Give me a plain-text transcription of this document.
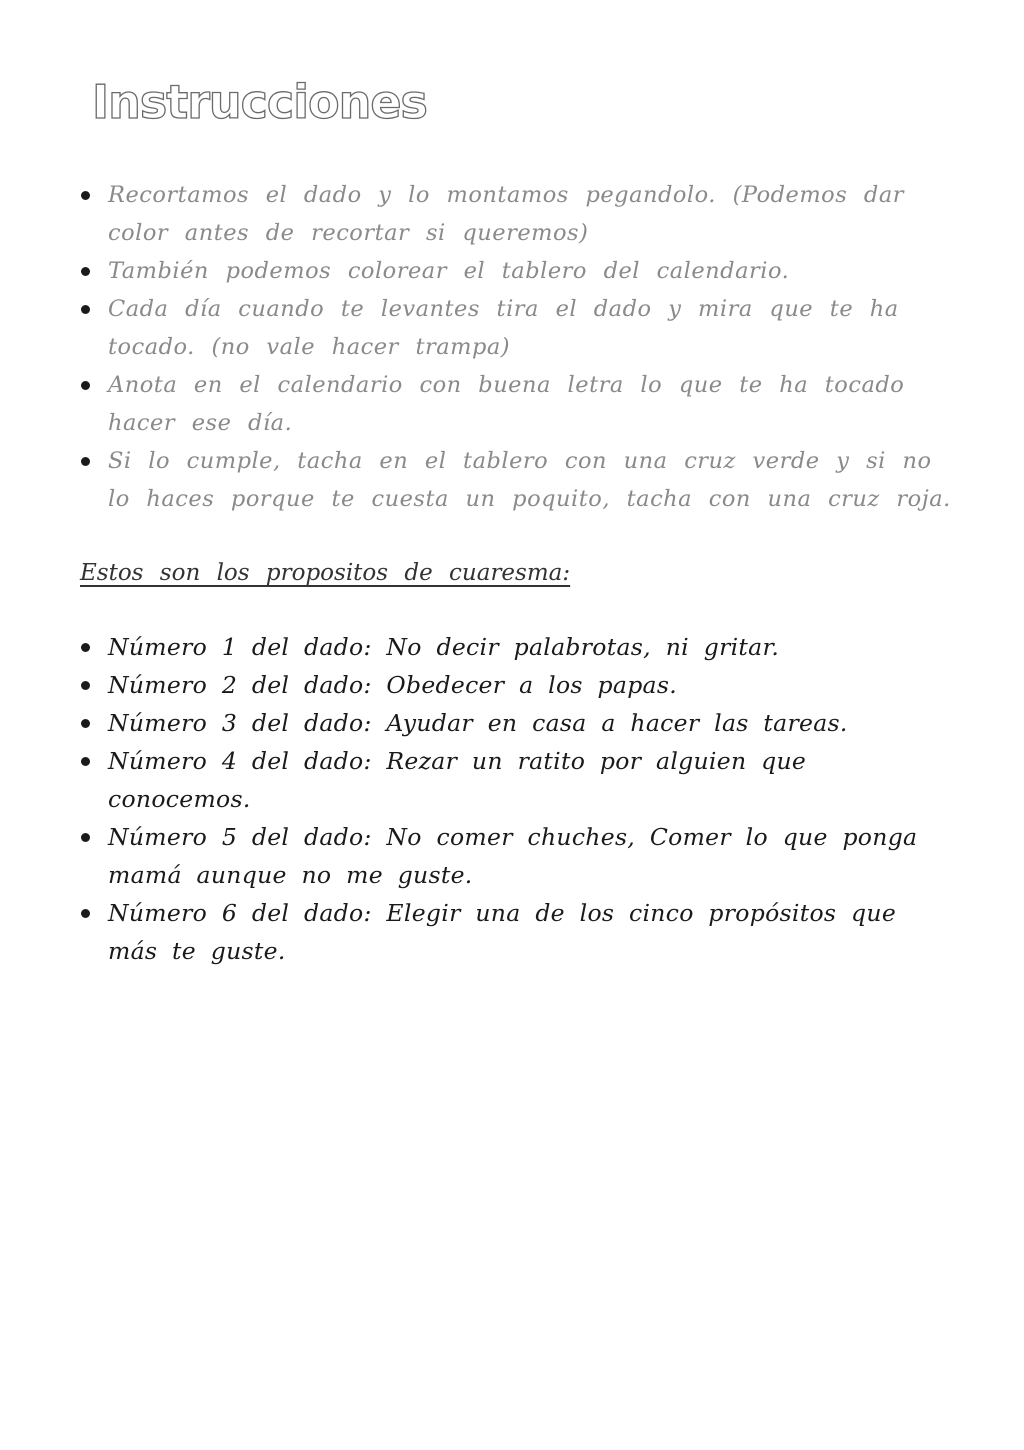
Instrucciones
Recortamos el dado y lo montamos pegandolo. (Podemos dar color antes de recortar si queremos)
También podemos colorear el tablero del calendario.
Cada día cuando te levantes tira el dado y mira que te ha tocado. (no vale hacer trampa)
Anota en el calendario con buena letra lo que te ha tocado hacer ese día.
Si lo cumple, tacha en el tablero con una cruz verde y si no lo haces porque te cuesta un poquito, tacha con una cruz roja.
Estos son los propositos de cuaresma:
Número 1 del dado: No decir palabrotas, ni gritar.
Número 2 del dado: Obedecer a los papas.
Número 3 del dado: Ayudar en casa a hacer las tareas.
Número 4 del dado: Rezar un ratito por alguien que conocemos.
Número 5 del dado: No comer chuches, Comer lo que ponga mamá aunque no me guste.
Número 6 del dado: Elegir una de los cinco propósitos que más te guste.
